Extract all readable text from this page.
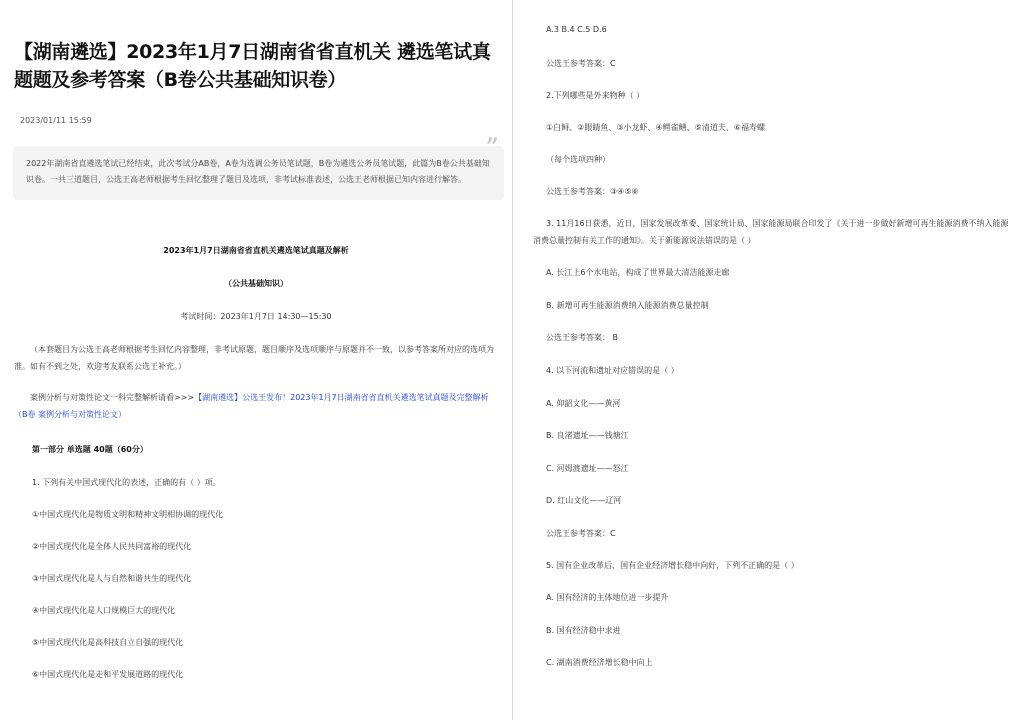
【湖南遴选】2023年1月7日湖南省省直机关 遴选笔试真题题及参考答案（B卷公共基础知识卷）
2023/01/11 15:59
2022年湖南省直遴选笔试已经结束，此次考试分AB卷，A卷为选调公务员笔试题，B卷为遴选公务员笔试题，此篇为B卷公共基础知识卷。一共三道题目，公选王高老师根据考生回忆整理了题目及选项，非考试标准表述，公选王老师根据已知内容进行解答。
2023年1月7日湖南省省直机关遴选笔试真题及解析
（公共基础知识）
考试时间：2023年1月7日 14:30—15:30
（本套题目为公选王高老师根据考生回忆内容整理，非考试原题，题目顺序及选项顺序与原题并不一致，以参考答案所对应的选项为准。如有不到之处，欢迎考友联系公选王补充。）
案例分析与对策性论文一科完整解析请看>>>【湖南遴选】公选王发布！2023年1月7日湖南省省直机关遴选笔试真题及完整解析 （B卷 案例分析与对策性论文）
第一部分 单选题 40题（60分）
1. 下列有关中国式现代化的表述，正确的有（ ）项。
①中国式现代化是物质文明和精神文明相协调的现代化
②中国式现代化是全体人民共同富裕的现代化
③中国式现代化是人与自然和谐共生的现代化
④中国式现代化是人口规模巨大的现代化
⑤中国式现代化是高科技自立自强的现代化
⑥中国式现代化是走和平发展道路的现代化
A.3 B.4 C.5 D.6
公选王参考答案：C
2.下列哪些是外来物种（ ）
①白鲟、②眼睛鱼、③小龙虾、④鳄雀鳝、⑤清道夫、⑥福寿螺
（每个选项四种）
公选王参考答案：③④⑤⑥
3. 11月16日获悉，近日，国家发展改革委、国家统计局、国家能源局联合印发了《关于进一步做好新增可再生能源消费不纳入能源消费总量控制有关工作的通知》。关于新能源说法错误的是（ ）
A. 长江上6个水电站，构成了世界最大清洁能源走廊
B. 新增可再生能源消费纳入能源消费总量控制
公选王参考答案： B
4. 以下河流和遗址对应错误的是（ ）
A. 仰韶文化——黄河
B. 良渚遗址——钱塘江
C. 河姆渡遗址——怒江
D. 红山文化——辽河
公选王参考答案：C
5. 国有企业改革后，国有企业经济增长稳中向好，下列不正确的是（ ）
A. 国有经济的主体地位进一步提升
B. 国有经济稳中求进
C. 湖南消费经济增长稳中向上
